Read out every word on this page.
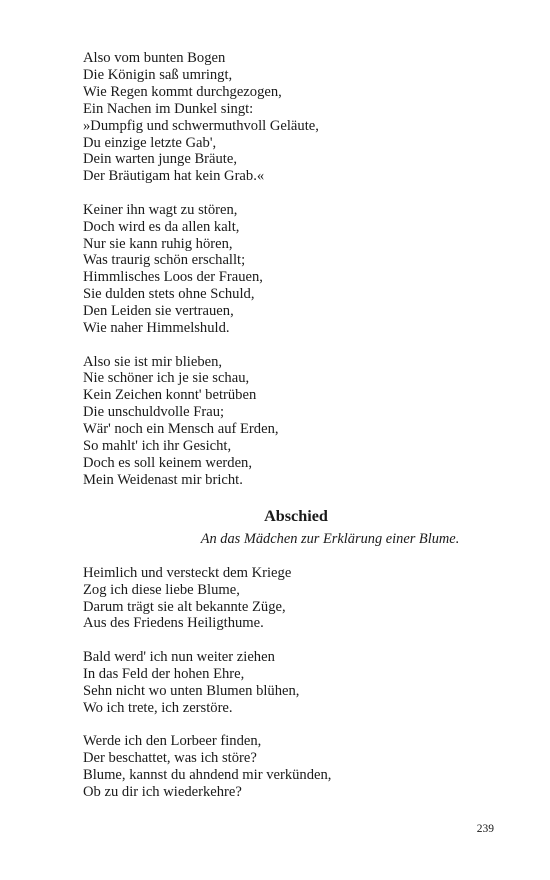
Also vom bunten Bogen
Die Königin saß umringt,
Wie Regen kommt durchgezogen,
Ein Nachen im Dunkel singt:
»Dumpfig und schwermuthvoll Geläute,
Du einzige letzte Gab',
Dein warten junge Bräute,
Der Bräutigam hat kein Grab.«
Keiner ihn wagt zu stören,
Doch wird es da allen kalt,
Nur sie kann ruhig hören,
Was traurig schön erschallt;
Himmlisches Loos der Frauen,
Sie dulden stets ohne Schuld,
Den Leiden sie vertrauen,
Wie naher Himmelshuld.
Also sie ist mir blieben,
Nie schöner ich je sie schau,
Kein Zeichen konnt' betrüben
Die unschuldvolle Frau;
Wär' noch ein Mensch auf Erden,
So mahlt' ich ihr Gesicht,
Doch es soll keinem werden,
Mein Weidenast mir bricht.
Abschied
An das Mädchen zur Erklärung einer Blume.
Heimlich und versteckt dem Kriege
Zog ich diese liebe Blume,
Darum trägt sie alt bekannte Züge,
Aus des Friedens Heiligthume.
Bald werd' ich nun weiter ziehen
In das Feld der hohen Ehre,
Sehn nicht wo unten Blumen blühen,
Wo ich trete, ich zerstöre.
Werde ich den Lorbeer finden,
Der beschattet, was ich störe?
Blume, kannst du ahndend mir verkünden,
Ob zu dir ich wiederkehre?
239
